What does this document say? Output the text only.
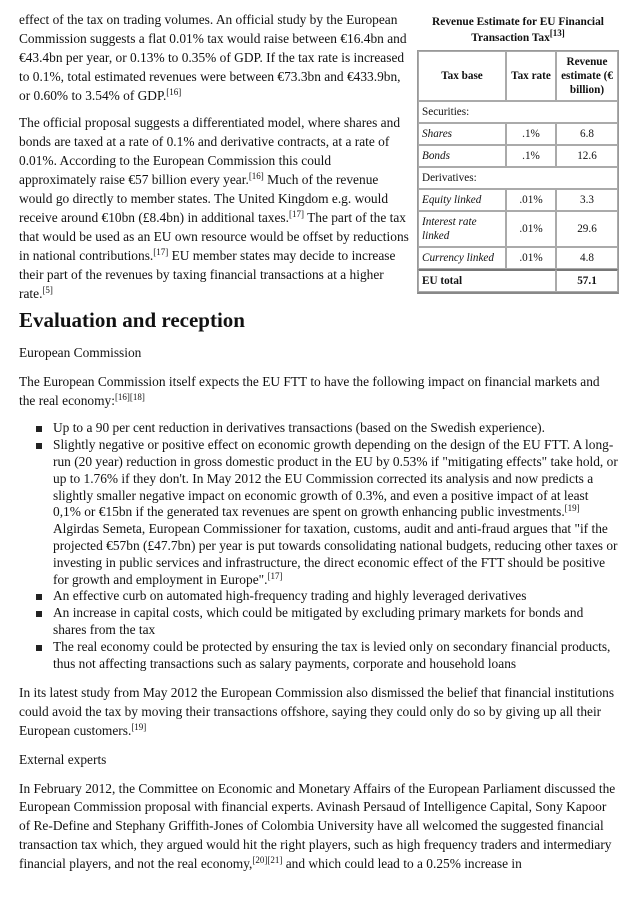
effect of the tax on trading volumes. An official study by the European Commission suggests a flat 0.01% tax would raise between €16.4bn and €43.4bn per year, or 0.13% to 0.35% of GDP. If the tax rate is increased to 0.1%, total estimated revenues were between €73.3bn and €433.9bn, or 0.60% to 3.54% of GDP.[16]

The official proposal suggests a differentiated model, where shares and bonds are taxed at a rate of 0.1% and derivative contracts, at a rate of 0.01%. According to the European Commission this could approximately raise €57 billion every year.[16] Much of the revenue would go directly to member states. The United Kingdom e.g. would receive around €10bn (£8.4bn) in additional taxes.[17] The part of the tax that would be used as an EU own resource would be offset by reductions in national contributions.[17] EU member states may decide to increase their part of the revenues by taxing financial transactions at a higher rate.[5]

Revenue Estimate for EU Financial Transaction Tax[13]
Tax base	Tax rate	Revenue estimate (€ billion)
Securities:		
Shares	.1%	6.8
Bonds	.1%	12.6
Derivatives:		
Equity linked	.01%	3.3
Interest rate linked	.01%	29.6
Currency linked	.01%	4.8
EU total		57.1
Evaluation and reception

European Commission

The European Commission itself expects the EU FTT to have the following impact on financial markets and the real economy:[16][18]

Up to a 90 per cent reduction in derivatives transactions (based on the Swedish experience).
Slightly negative or positive effect on economic growth depending on the design of the EU FTT. A long-run (20 year) reduction in gross domestic product in the EU by 0.53% if "mitigating effects" take hold, or up to 1.76% if they don't. In May 2012 the EU Commission corrected its analysis and now predicts a slightly smaller negative impact on economic growth of 0.3%, and even a positive impact of at least 0,1% or €15bn if the generated tax revenues are spent on growth enhancing public investments.[19] Algirdas Semeta, European Commissioner for taxation, customs, audit and anti-fraud argues that "if the projected €57bn (£47.7bn) per year is put towards consolidating national budgets, reducing other taxes or investing in public services and infrastructure, the direct economic effect of the FTT should be positive for growth and employment in Europe".[17]
An effective curb on automated high-frequency trading and highly leveraged derivatives
An increase in capital costs, which could be mitigated by excluding primary markets for bonds and shares from the tax
The real economy could be protected by ensuring the tax is levied only on secondary financial products, thus not affecting transactions such as salary payments, corporate and household loans

In its latest study from May 2012 the European Commission also dismissed the belief that financial institutions could avoid the tax by moving their transactions offshore, saying they could only do so by giving up all their European customers.[19]

External experts

In February 2012, the Committee on Economic and Monetary Affairs of the European Parliament discussed the European Commission proposal with financial experts. Avinash Persaud of Intelligence Capital, Sony Kapoor of Re-Define and Stephany Griffith-Jones of Colombia University have all welcomed the suggested financial transaction tax which, they argued would hit the right players, such as high frequency traders and intermediary financial players, and not the real economy,[20][21] and which could lead to a 0.25% increase in
